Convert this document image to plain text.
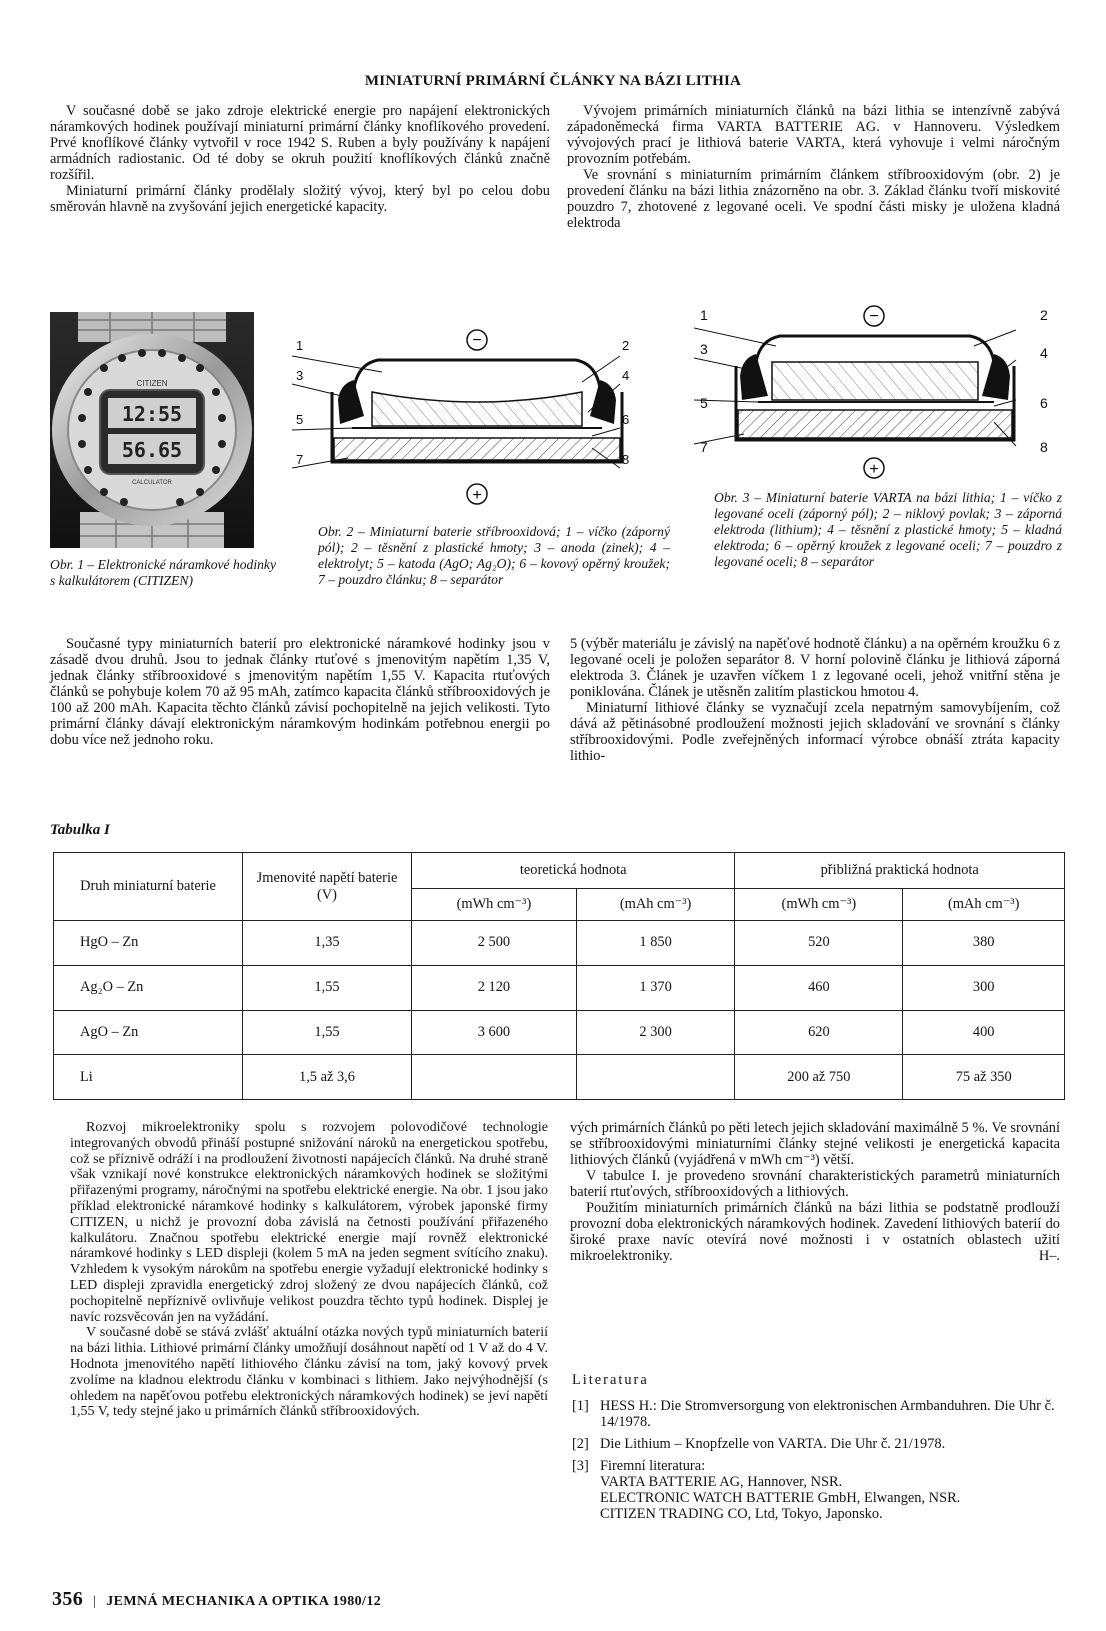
MINIATURNÍ PRIMÁRNÍ ČLÁNKY NA BÁZI LITHIA

V současné době se jako zdroje elektrické energie pro napájení elektronických náramkových hodinek používají miniaturní primární články knoflíkového provedení. Prvé knoflíkové články vytvořil v roce 1942 S. Ruben a byly používány k napájení armádních radiostanic. Od té doby se okruh použití knoflíkových článků značně rozšířil.

Miniaturní primární články prodělaly složitý vývoj, který byl po celou dobu směrován hlavně na zvyšování jejich energetické kapacity.

Vývojem primárních miniaturních článků na bázi lithia se intenzívně zabývá západoněmecká firma VARTA BATTERIE AG. v Hannoveru. Výsledkem vývojových prací je lithiová baterie VARTA, která vyhovuje i velmi náročným provozním potřebám.

Ve srovnání s miniaturním primárním článkem stříbrooxidovým (obr. 2) je provedení článku na bázi lithia znázorněno na obr. 3. Základ článku tvoří miskovité pouzdro 7, zhotovené z legované oceli. Ve spodní části misky je uložena kladná elektroda

CITIZEN
12:55
56.65
CALCULATOR
Obr. 1 – Elektronické náramkové hodinky s kalkulátorem (CITIZEN)
1	2
3	4
5	6
7	8
−
+
Obr. 2 – Miniaturní baterie stříbrooxidová; 1 – víčko (záporný pól); 2 – těsnění z plastické hmoty; 3 – anoda (zinek); 4 – elektrolyt; 5 – katoda (AgO; Ag₂O); 6 – kovový opěrný kroužek; 7 – pouzdro článku; 8 – separátor
1	2
3	4
5	6
7	8
−
+
Obr. 3 – Miniaturní baterie VARTA na bázi lithia; 1 – víčko z legované oceli (záporný pól); 2 – niklový povlak; 3 – záporná elektroda (lithium); 4 – těsnění z plastické hmoty; 5 – kladná elektroda; 6 – opěrný kroužek z legované oceli; 7 – pouzdro z legované oceli; 8 – separátor

Současné typy miniaturních baterií pro elektronické náramkové hodinky jsou v zásadě dvou druhů. Jsou to jednak články rtuťové s jmenovitým napětím 1,35 V, jednak články stříbrooxidové s jmenovitým napětím 1,55 V. Kapacita rtuťových článků se pohybuje kolem 70 až 95 mAh, zatímco kapacita článků stříbrooxidových je 100 až 200 mAh. Kapacita těchto článků závisí pochopitelně na jejich velikosti. Tyto primární články dávají elektronickým náramkovým hodinkám potřebnou energii po dobu více než jednoho roku.

5 (výběr materiálu je závislý na napěťové hodnotě článku) a na opěrném kroužku 6 z legované oceli je položen separátor 8. V horní polovině článku je lithiová záporná elektroda 3. Článek je uzavřen víčkem 1 z legované oceli, jehož vnitřní stěna je poniklována. Článek je utěsněn zalitím plastickou hmotou 4.

Miniaturní lithiové články se vyznačují zcela nepatrným samovybíjením, což dává až pětinásobné prodloužení možnosti jejich skladování ve srovnání s články stříbrooxidovými. Podle zveřejněných informací výrobce obnáší ztráta kapacity lithio-

Tabulka I
Druh miniaturní baterie	Jmenovité napětí baterie (V)	teoretická hodnota		přibližná praktická hodnota	
		(mWh cm⁻³)	(mAh cm⁻³)	(mWh cm⁻³)	(mAh cm⁻³)
HgO – Zn	1,35	2 500	1 850	520	380
Ag₂O – Zn	1,55	2 120	1 370	460	300
AgO – Zn	1,55	3 600	2 300	620	400
Li	1,5 až 3,6			200 až 750	75 až 350

Rozvoj mikroelektroniky spolu s rozvojem polovodičové technologie integrovaných obvodů přináší postupné snižování nároků na energetickou spotřebu, což se příznivě odráží i na prodloužení životnosti napájecích článků. Na druhé straně však vznikají nové konstrukce elektronických náramkových hodinek se složitými přiřazenými programy, náročnými na spotřebu elektrické energie. Na obr. 1 jsou jako příklad elektronické náramkové hodinky s kalkulátorem, výrobek japonské firmy CITIZEN, u nichž je provozní doba závislá na četnosti používání přiřazeného kalkulátoru. Značnou spotřebu elektrické energie mají rovněž elektronické náramkové hodinky s LED displeji (kolem 5 mA na jeden segment svítícího znaku). Vzhledem k vysokým nárokům na spotřebu energie vyžadují elektronické hodinky s LED displeji zpravidla energetický zdroj složený ze dvou napájecích článků, což pochopitelně nepříznivě ovlivňuje velikost pouzdra těchto typů hodinek. Displej je navíc rozsvěcován jen na vyžádání.

V současné době se stává zvlášť aktuální otázka nových typů miniaturních baterií na bázi lithia. Lithiové primární články umožňují dosáhnout napětí od 1 V až do 4 V. Hodnota jmenovitého napětí lithiového článku závisí na tom, jaký kovový prvek zvolíme na kladnou elektrodu článku v kombinaci s lithiem. Jako nejvýhodnější (s ohledem na napěťovou potřebu elektronických náramkových hodinek) se jeví napětí 1,55 V, tedy stejné jako u primárních článků stříbrooxidových.

vých primárních článků po pěti letech jejich skladování maximálně 5 %. Ve srovnání se stříbrooxidovými miniaturními články stejné velikosti je energetická kapacita lithiových článků (vyjádřená v mWh cm⁻³) větší.

V tabulce I. je provedeno srovnání charakteristických parametrů miniaturních baterií rtuťových, stříbrooxidových a lithiových.

Použitím miniaturních primárních článků na bázi lithia se podstatně prodlouží provozní doba elektronických náramkových hodinek. Zavedení lithiových baterií do široké praxe navíc otevírá nové možnosti i v ostatních oblastech užití mikroelektroniky.	H–.
Literatura
[1] HESS H.: Die Stromversorgung von elektronischen Armbanduhren. Die Uhr č. 14/1978.
[2] Die Lithium – Knopfzelle von VARTA. Die Uhr č. 21/1978.
[3] Firemní literatura:
VARTA BATTERIE AG, Hannover, NSR.
ELECTRONIC WATCH BATTERIE GmbH, Elwangen, NSR.
CITIZEN TRADING CO, Ltd, Tokyo, Japonsko.
356 | JEMNÁ MECHANIKA A OPTIKA 1980/12
